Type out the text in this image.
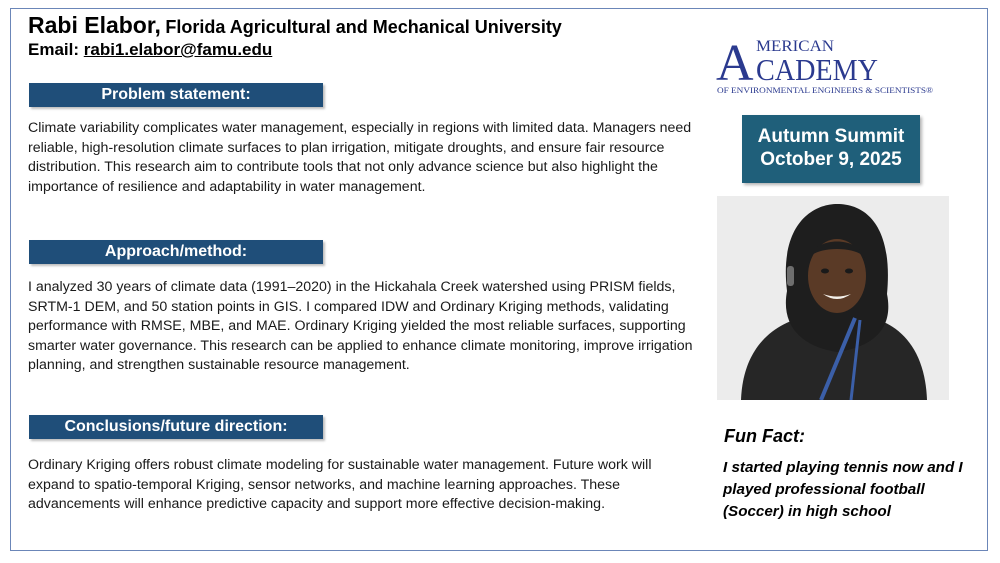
Rabi Elabor, Florida Agricultural and Mechanical University
Email: rabi1.elabor@famu.edu
Problem statement:
Climate variability complicates water management, especially in regions with limited data. Managers need reliable, high-resolution climate surfaces to plan irrigation, mitigate droughts, and ensure fair resource distribution. This research aim to contribute tools that not only advance science but also highlight the importance of resilience and adaptability in water management.
Approach/method:
I analyzed 30 years of climate data (1991–2020) in the Hickahala Creek watershed using PRISM fields, SRTM-1 DEM, and 50 station points in GIS. I compared IDW and Ordinary Kriging methods, validating performance with RMSE, MBE, and MAE. Ordinary Kriging yielded the most reliable surfaces, supporting smarter water governance. This research can be applied to enhance climate monitoring, improve irrigation planning, and strengthen sustainable resource management.
Conclusions/future direction:
Ordinary Kriging offers robust climate modeling for sustainable water management. Future work will expand to spatio-temporal Kriging, sensor networks, and machine learning approaches. These advancements will enhance predictive capacity and support more effective decision-making.
A MERICAN
CADEMY
OF ENVIRONMENTAL ENGINEERS & SCIENTISTS®
Autumn Summit
October 9, 2025
Fun Fact:
I started playing tennis now and I played professional football (Soccer) in high school
